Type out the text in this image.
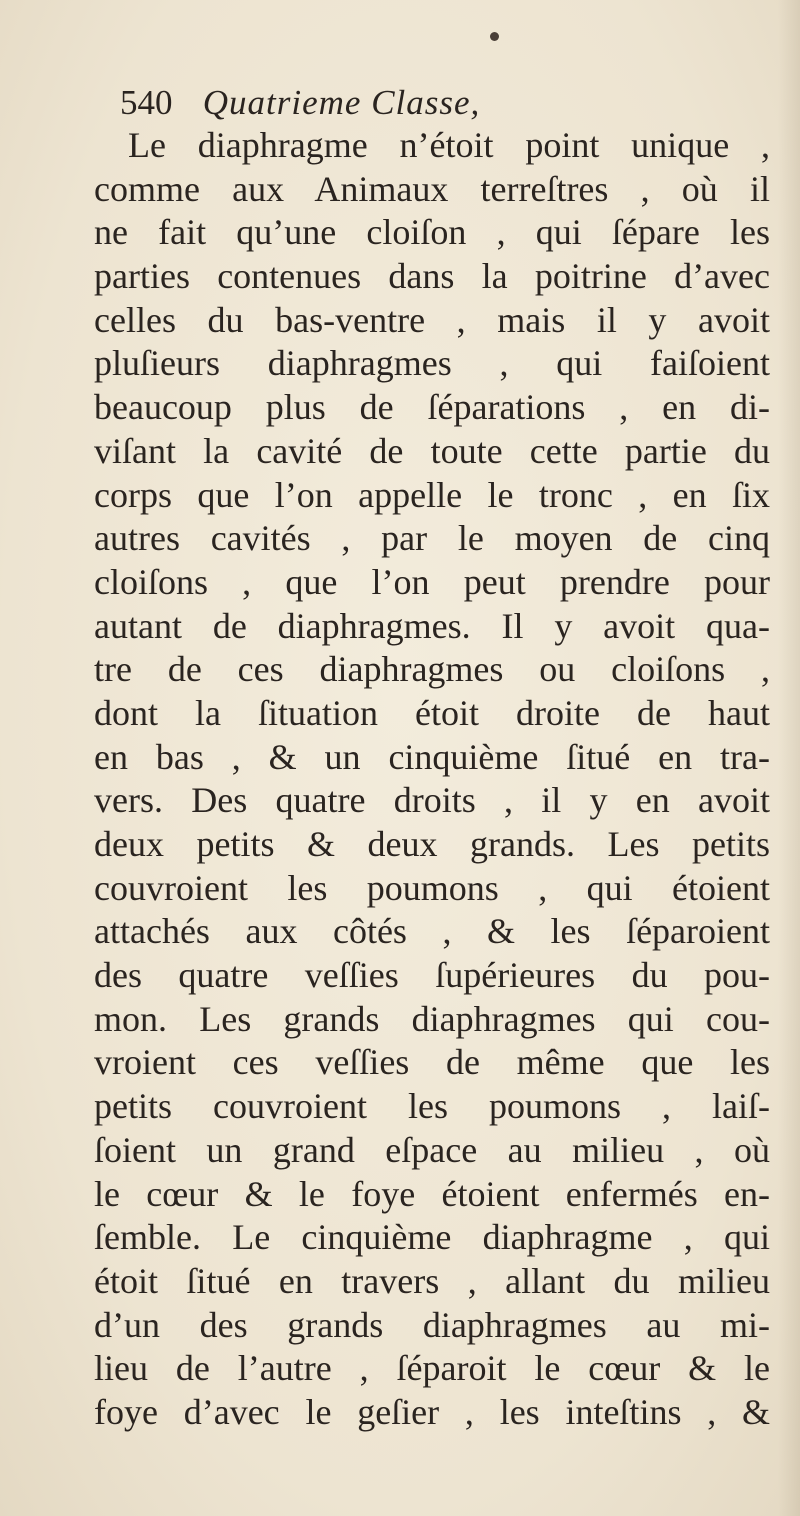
540 Quatrieme Classe,
Le diaphragme n’étoit point unique ,
comme aux Animaux terreſtres , où il
ne fait qu’une cloiſon , qui ſépare les
parties contenues dans la poitrine d’avec
celles du bas-ventre , mais il y avoit
pluſieurs diaphragmes , qui faiſoient
beaucoup plus de ſéparations , en di-
viſant la cavité de toute cette partie du
corps que l’on appelle le tronc , en ſix
autres cavités , par le moyen de cinq
cloiſons , que l’on peut prendre pour
autant de diaphragmes. Il y avoit qua-
tre de ces diaphragmes ou cloiſons ,
dont la ſituation étoit droite de haut
en bas , & un cinquième ſitué en tra-
vers. Des quatre droits , il y en avoit
deux petits & deux grands. Les petits
couvroient les poumons , qui étoient
attachés aux côtés , & les ſéparoient
des quatre veſſies ſupérieures du pou-
mon. Les grands diaphragmes qui cou-
vroient ces veſſies de même que les
petits couvroient les poumons , laiſ-
ſoient un grand eſpace au milieu , où
le cœur & le foye étoient enfermés en-
ſemble. Le cinquième diaphragme , qui
étoit ſitué en travers , allant du milieu
d’un des grands diaphragmes au mi-
lieu de l’autre , ſéparoit le cœur & le
foye d’avec le geſier , les inteſtins , &
